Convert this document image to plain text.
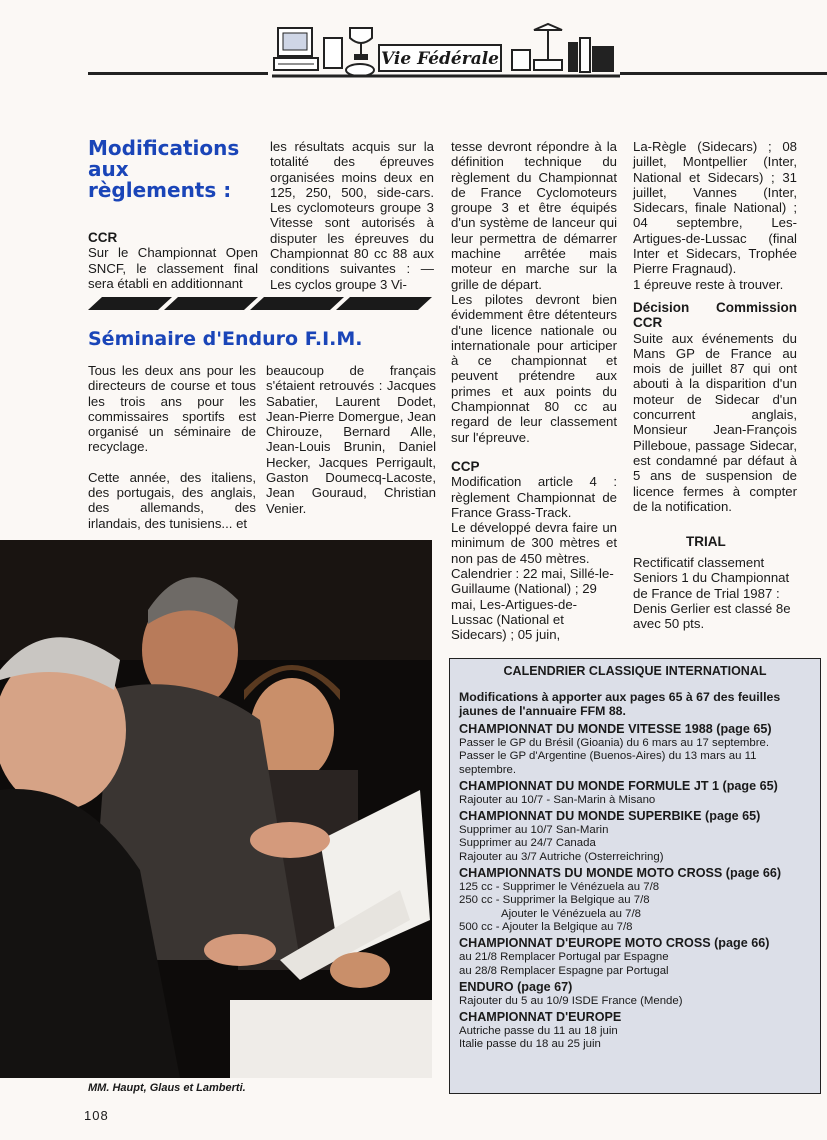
Vie Fédérale
Modifications aux règlements :

CCR

Sur le Championnat Open SNCF, le classement final sera établi en additionnant

les résultats acquis sur la totalité des épreuves organisées moins deux en 125, 250, 500, side-cars. Les cyclomoteurs groupe 3 Vitesse sont autorisés à disputer les épreuves du Championnat 80 cc 88 aux conditions suivantes : — Les cyclos groupe 3 Vi-

Séminaire d'Enduro F.I.M.

Tous les deux ans pour les directeurs de course et tous les trois ans pour les commissaires sportifs est organisé un séminaire de recyclage.

Cette année, des italiens, des portugais, des anglais, des allemands, des irlandais, des tunisiens... et

beaucoup de français s'étaient retrouvés : Jacques Sabatier, Laurent Dodet, Jean-Pierre Domergue, Jean Chirouze, Bernard Alle, Jean-Louis Brunin, Daniel Hecker, Jacques Perrigault, Gaston Doumecq-Lacoste, Jean Gouraud, Christian Venier.

tesse devront répondre à la définition technique du règlement du Championnat de France Cyclomoteurs groupe 3 et être équipés d'un système de lanceur qui leur permettra de démarrer machine arrêtée mais moteur en marche sur la grille de départ.

Les pilotes devront bien évidemment être détenteurs d'une licence nationale ou internationale pour articiper à ce championnat et peuvent prétendre aux primes et aux points du Championnat 80 cc au regard de leur classement sur l'épreuve.

CCP

Modification article 4 : règlement Championnat de France Grass-Track.

Le développé devra faire un minimum de 300 mètres et non pas de 450 mètres.

Calendrier : 22 mai, Sillé-le-Guillaume (National) ; 29 mai, Les-Artigues-de-Lussac (National et Sidecars) ; 05 juin,

La-Règle (Sidecars) ; 08 juillet, Montpellier (Inter, National et Sidecars) ; 31 juillet, Vannes (Inter, Sidecars, finale National) ; 04 septembre, Les-Artigues-de-Lussac (final Inter et Sidecars, Trophée Pierre Fragnaud).

1 épreuve reste à trouver.

Décision Commission CCR

Suite aux événements du Mans GP de France au mois de juillet 87 qui ont abouti à la disparition d'un moteur de Sidecar d'un concurrent anglais, Monsieur Jean-François Pilleboue, passage Sidecar, est condamné par défaut à 5 ans de suspension de licence fermes à compter de la notification.

TRIAL
Rectificatif classement Seniors 1 du Championnat de France de Trial 1987 : Denis Gerlier est classé 8e avec 50 pts.
MM. Haupt, Glaus et Lamberti.
CALENDRIER CLASSIQUE INTERNATIONAL
Modifications à apporter aux pages 65 à 67 des feuilles jaunes de l'annuaire FFM 88.
CHAMPIONNAT DU MONDE VITESSE 1988 (page 65)
Passer le GP du Brésil (Gioania) du 6 mars au 17 septembre.
Passer le GP d'Argentine (Buenos-Aires) du 13 mars au 11 septembre.
CHAMPIONNAT DU MONDE FORMULE JT 1 (page 65)
Rajouter au 10/7 - San-Marin à Misano
CHAMPIONNAT DU MONDE SUPERBIKE (page 65)
Supprimer au 10/7 San-Marin
Supprimer au 24/7 Canada
Rajouter au 3/7 Autriche (Osterreichring)
CHAMPIONNATS DU MONDE MOTO CROSS (page 66)
125 cc - Supprimer le Vénézuela au 7/8
250 cc - Supprimer la Belgique au 7/8
Ajouter le Vénézuela au 7/8
500 cc - Ajouter la Belgique au 7/8
CHAMPIONNAT D'EUROPE MOTO CROSS (page 66)
au 21/8 Remplacer Portugal par Espagne
au 28/8 Remplacer Espagne par Portugal
ENDURO (page 67)
Rajouter du 5 au 10/9 ISDE France (Mende)
CHAMPIONNAT D'EUROPE
Autriche passe du 11 au 18 juin
Italie passe du 18 au 25 juin
108
